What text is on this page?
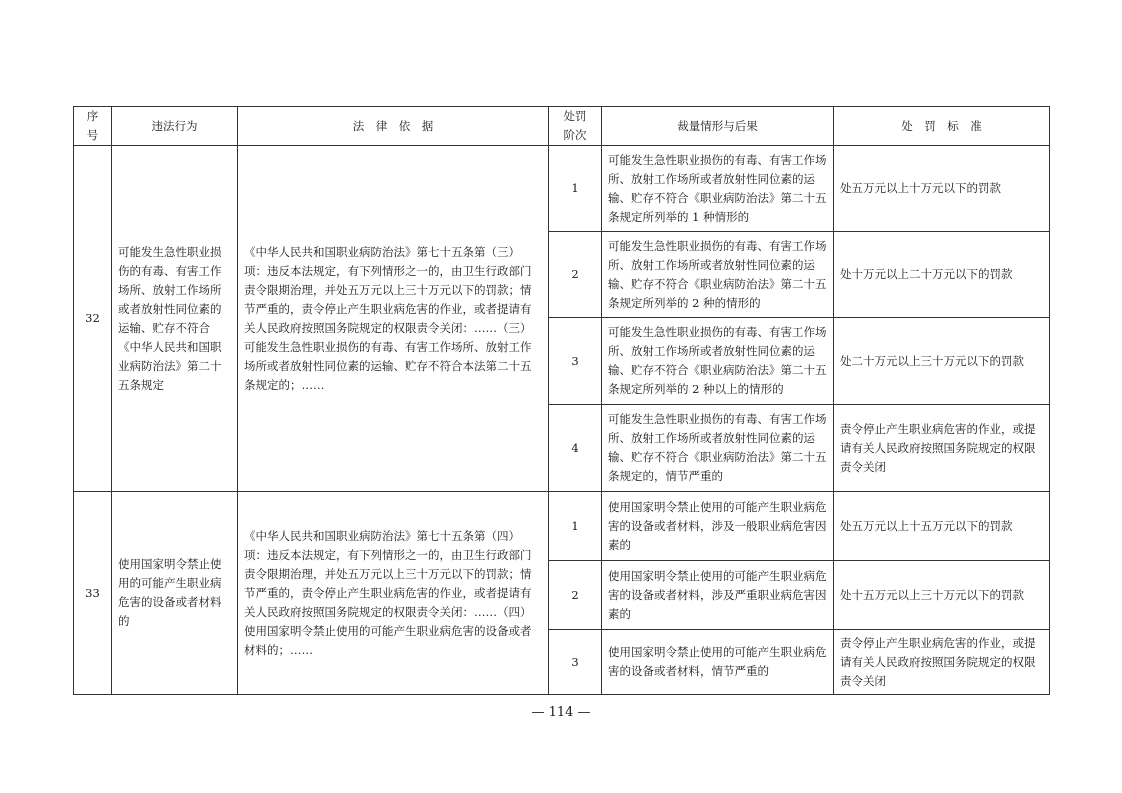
序
号	违法行为	法　律　依　据	处罚
阶次	裁量情形与后果	处　罚　标　准
32	可能发生急性职业损伤的有毒、有害工作场所、放射工作场所或者放射性同位素的运输、贮存不符合《中华人民共和国职业病防治法》第二十五条规定	《中华人民共和国职业病防治法》第七十五条第（三）项：违反本法规定，有下列情形之一的，由卫生行政部门责令限期治理，并处五万元以上三十万元以下的罚款；情节严重的，责令停止产生职业病危害的作业，或者提请有关人民政府按照国务院规定的权限责令关闭：……（三）可能发生急性职业损伤的有毒、有害工作场所、放射工作场所或者放射性同位素的运输、贮存不符合本法第二十五条规定的；……	1	可能发生急性职业损伤的有毒、有害工作场所、放射工作场所或者放射性同位素的运输、贮存不符合《职业病防治法》第二十五条规定所列举的 1 种情形的	处五万元以上十万元以下的罚款
			2	可能发生急性职业损伤的有毒、有害工作场所、放射工作场所或者放射性同位素的运输、贮存不符合《职业病防治法》第二十五条规定所列举的 2 种的情形的	处十万元以上二十万元以下的罚款
			3	可能发生急性职业损伤的有毒、有害工作场所、放射工作场所或者放射性同位素的运输、贮存不符合《职业病防治法》第二十五条规定所列举的 2 种以上的情形的	处二十万元以上三十万元以下的罚款
			4	可能发生急性职业损伤的有毒、有害工作场所、放射工作场所或者放射性同位素的运输、贮存不符合《职业病防治法》第二十五条规定的，情节严重的	责令停止产生职业病危害的作业，或提请有关人民政府按照国务院规定的权限责令关闭
33	使用国家明令禁止使用的可能产生职业病危害的设备或者材料的	《中华人民共和国职业病防治法》第七十五条第（四）项：违反本法规定，有下列情形之一的，由卫生行政部门责令限期治理，并处五万元以上三十万元以下的罚款；情节严重的，责令停止产生职业病危害的作业，或者提请有关人民政府按照国务院规定的权限责令关闭：……（四）使用国家明令禁止使用的可能产生职业病危害的设备或者材料的；……	1	使用国家明令禁止使用的可能产生职业病危害的设备或者材料，涉及一般职业病危害因素的	处五万元以上十五万元以下的罚款
			2	使用国家明令禁止使用的可能产生职业病危害的设备或者材料，涉及严重职业病危害因素的	处十五万元以上三十万元以下的罚款
			3	使用国家明令禁止使用的可能产生职业病危害的设备或者材料，情节严重的	责令停止产生职业病危害的作业，或提请有关人民政府按照国务院规定的权限责令关闭
— 114 —
